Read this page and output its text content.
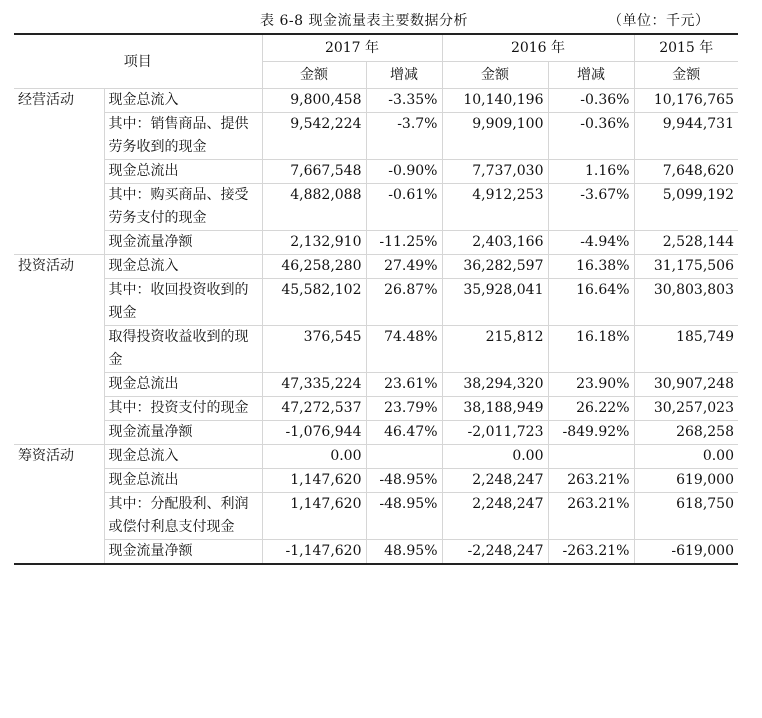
表 6-8 现金流量表主要数据分析	（单位：千元）
项目		2017 年		2016 年		2015 年
		金额	增减	金额	增减	金额
经营活动	现金总流入	9,800,458	-3.35%	10,140,196	-0.36%	10,176,765
	其中：销售商品、提供劳务收到的现金	9,542,224	-3.7%	9,909,100	-0.36%	9,944,731
	现金总流出	7,667,548	-0.90%	7,737,030	1.16%	7,648,620
	其中：购买商品、接受劳务支付的现金	4,882,088	-0.61%	4,912,253	-3.67%	5,099,192
	现金流量净额	2,132,910	-11.25%	2,403,166	-4.94%	2,528,144
投资活动	现金总流入	46,258,280	27.49%	36,282,597	16.38%	31,175,506
	其中：收回投资收到的现金	45,582,102	26.87%	35,928,041	16.64%	30,803,803
	取得投资收益收到的现金	376,545	74.48%	215,812	16.18%	185,749
	现金总流出	47,335,224	23.61%	38,294,320	23.90%	30,907,248
	其中：投资支付的现金	47,272,537	23.79%	38,188,949	26.22%	30,257,023
	现金流量净额	-1,076,944	46.47%	-2,011,723	-849.92%	268,258
筹资活动	现金总流入	0.00		0.00		0.00
	现金总流出	1,147,620	-48.95%	2,248,247	263.21%	619,000
	其中：分配股利、利润或偿付利息支付现金	1,147,620	-48.95%	2,248,247	263.21%	618,750
	现金流量净额	-1,147,620	48.95%	-2,248,247	-263.21%	-619,000
